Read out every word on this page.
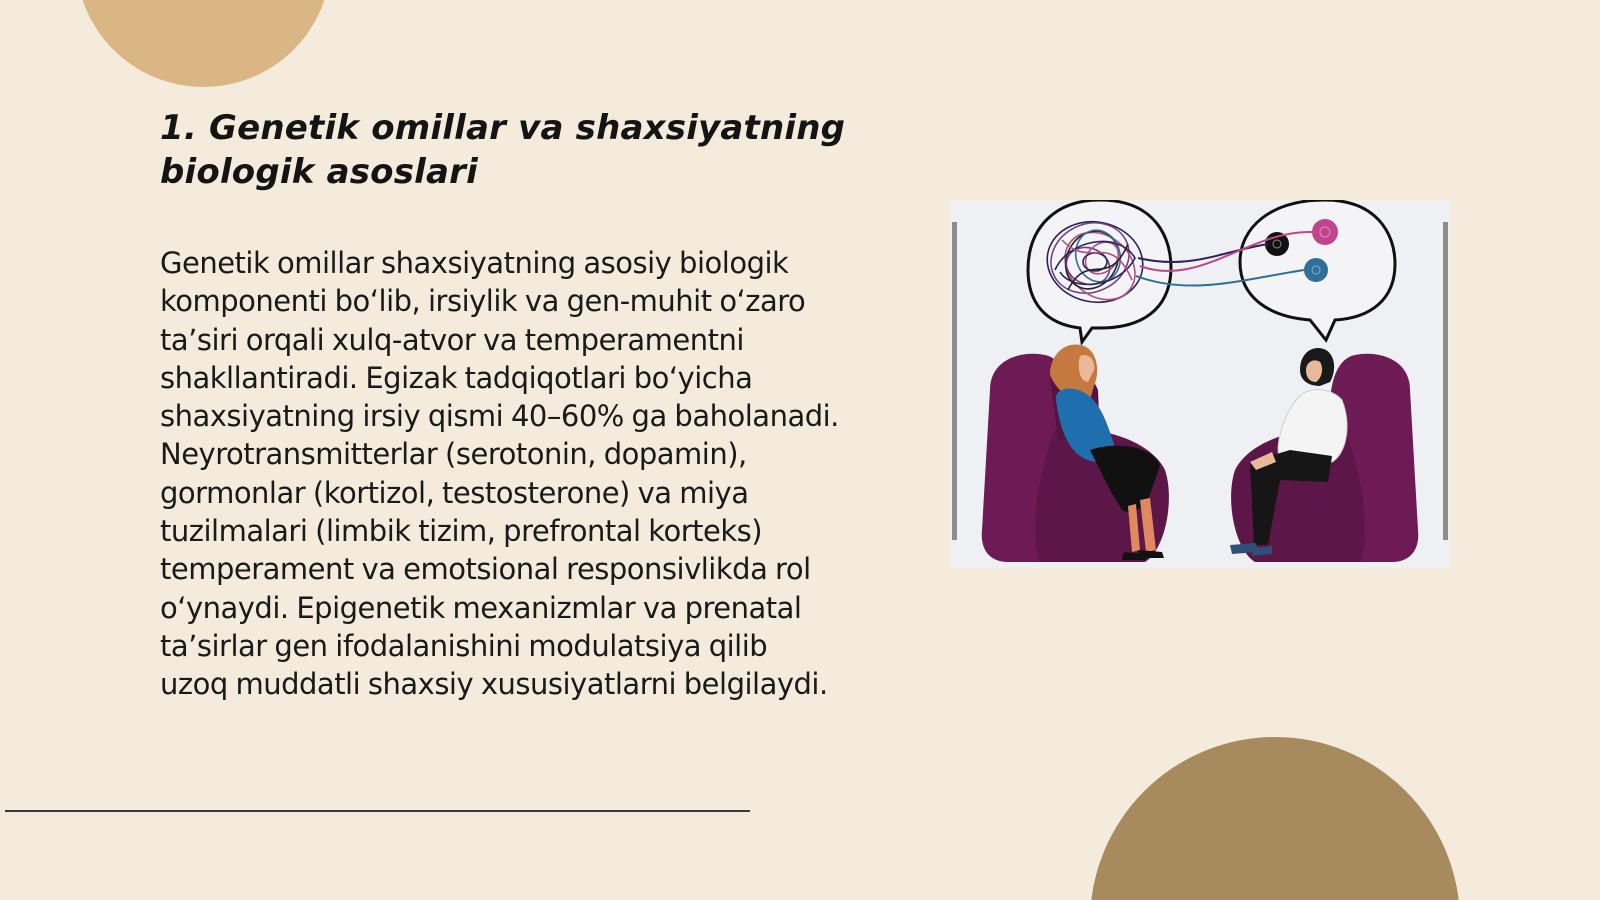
1. Genetik omillar va shaxsiyatning biologik asoslari

Genetik omillar shaxsiyatning asosiy biologik komponenti bo‘lib, irsiylik va gen-muhit o‘zaro ta’siri orqali xulq-atvor va temperamentni shakllantiradi. Egizak tadqiqotlari bo‘yicha shaxsiyatning irsiy qismi 40–60% ga baholanadi. Neyrotransmitterlar (serotonin, dopamin), gormonlar (kortizol, testosterone) va miya tuzilmalari (limbik tizim, prefrontal korteks) temperament va emotsional responsivlikda rol o‘ynaydi. Epigenetik mexanizmlar va prenatal ta’sirlar gen ifodalanishini modulatsiya qilib uzoq muddatli shaxsiy xususiyatlarni belgilaydi.
